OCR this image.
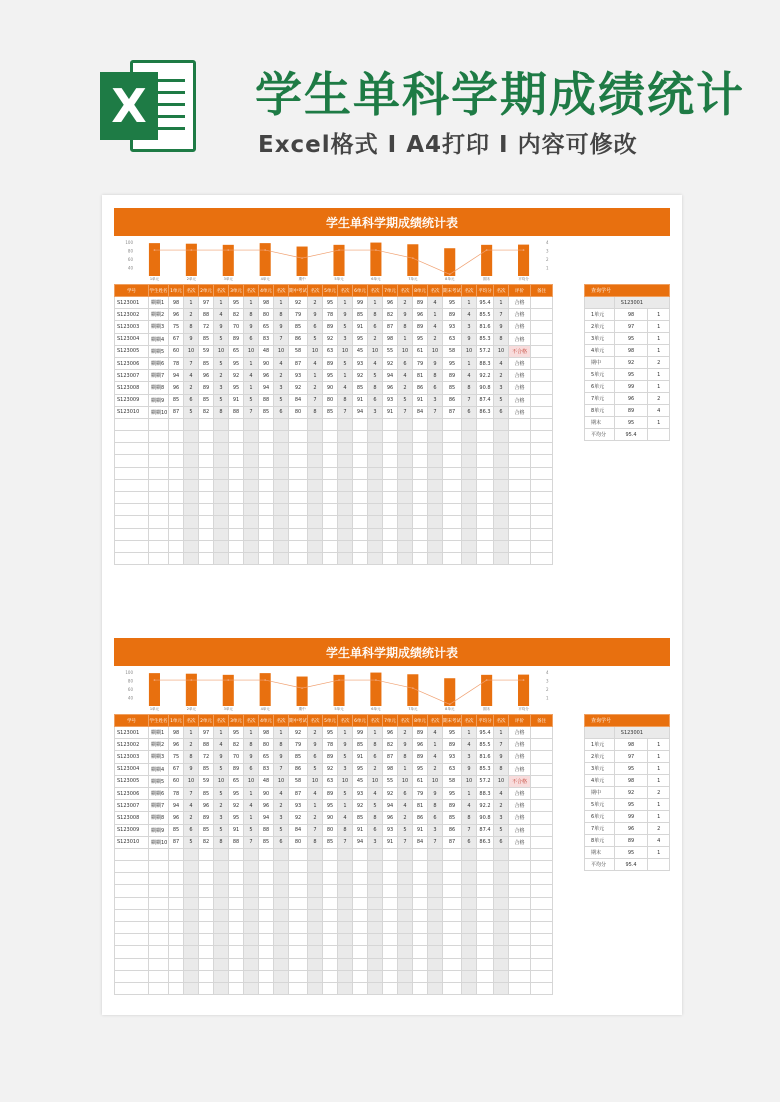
X 学生单科学期成绩统计
Excel格式 I A4打印 I 内容可修改
学生单科学期成绩统计表
100
80
60
40
4
3
2
1
1单元	2单元	3单元	4单元	期中	5单元	6单元	7单元	8单元	期末	平均分
学号	学生姓名	1单元	名次	2单元	名次	3单元	名次	4单元	名次	期中考试	名次	5单元	名次	6单元	名次	7单元	名次	8单元	名次	期末考试	名次	平均分	名次	评价	备注
S123001	糊糊1	98	1	97	1	95	1	98	1	92	2	95	1	99	1	96	2	89	4	95	1	95.4	1	合格	
S123002	糊糊2	96	2	88	4	82	8	80	8	79	9	78	9	85	8	82	9	96	1	89	4	85.5	7	合格	
S123003	糊糊3	75	8	72	9	70	9	65	9	85	6	89	5	91	6	87	8	89	4	93	3	81.6	9	合格	
S123004	糊糊4	67	9	85	5	89	6	83	7	86	5	92	3	95	2	98	1	95	2	63	9	85.3	8	合格	
S123005	糊糊5	60	10	59	10	65	10	48	10	58	10	63	10	45	10	55	10	61	10	58	10	57.2	10	不合格	
S123006	糊糊6	78	7	85	5	95	1	90	4	87	4	89	5	93	4	92	6	79	9	95	1	88.3	4	合格	
S123007	糊糊7	94	4	96	2	92	4	96	2	93	1	95	1	92	5	94	4	81	8	89	4	92.2	2	合格	
S123008	糊糊8	96	2	89	3	95	1	94	3	92	2	90	4	85	8	96	2	86	6	85	8	90.8	3	合格	
S123009	糊糊9	85	6	85	5	91	5	88	5	84	7	80	8	91	6	93	5	91	3	86	7	87.4	5	合格	
S123010	糊糊10	87	5	82	8	88	7	85	6	80	8	85	7	94	3	91	7	84	7	87	6	86.3	6	合格	

查询学号		
	S123001	
1单元	98	1
2单元	97	1
3单元	95	1
4单元	98	1
期中	92	2
5单元	95	1
6单元	99	1
7单元	96	2
8单元	89	4
期末	95	1
平均分	95.4	
学生单科学期成绩统计表
100
80
60
40
4
3
2
1
1单元	2单元	3单元	4单元	期中	5单元	6单元	7单元	8单元	期末	平均分
学号	学生姓名	1单元	名次	2单元	名次	3单元	名次	4单元	名次	期中考试	名次	5单元	名次	6单元	名次	7单元	名次	8单元	名次	期末考试	名次	平均分	名次	评价	备注
S123001	糊糊1	98	1	97	1	95	1	98	1	92	2	95	1	99	1	96	2	89	4	95	1	95.4	1	合格	
S123002	糊糊2	96	2	88	4	82	8	80	8	79	9	78	9	85	8	82	9	96	1	89	4	85.5	7	合格	
S123003	糊糊3	75	8	72	9	70	9	65	9	85	6	89	5	91	6	87	8	89	4	93	3	81.6	9	合格	
S123004	糊糊4	67	9	85	5	89	6	83	7	86	5	92	3	95	2	98	1	95	2	63	9	85.3	8	合格	
S123005	糊糊5	60	10	59	10	65	10	48	10	58	10	63	10	45	10	55	10	61	10	58	10	57.2	10	不合格	
S123006	糊糊6	78	7	85	5	95	1	90	4	87	4	89	5	93	4	92	6	79	9	95	1	88.3	4	合格	
S123007	糊糊7	94	4	96	2	92	4	96	2	93	1	95	1	92	5	94	4	81	8	89	4	92.2	2	合格	
S123008	糊糊8	96	2	89	3	95	1	94	3	92	2	90	4	85	8	96	2	86	6	85	8	90.8	3	合格	
S123009	糊糊9	85	6	85	5	91	5	88	5	84	7	80	8	91	6	93	5	91	3	86	7	87.4	5	合格	
S123010	糊糊10	87	5	82	8	88	7	85	6	80	8	85	7	94	3	91	7	84	7	87	6	86.3	6	合格	

查询学号		
	S123001	
1单元	98	1
2单元	97	1
3单元	95	1
4单元	98	1
期中	92	2
5单元	95	1
6单元	99	1
7单元	96	2
8单元	89	4
期末	95	1
平均分	95.4	
